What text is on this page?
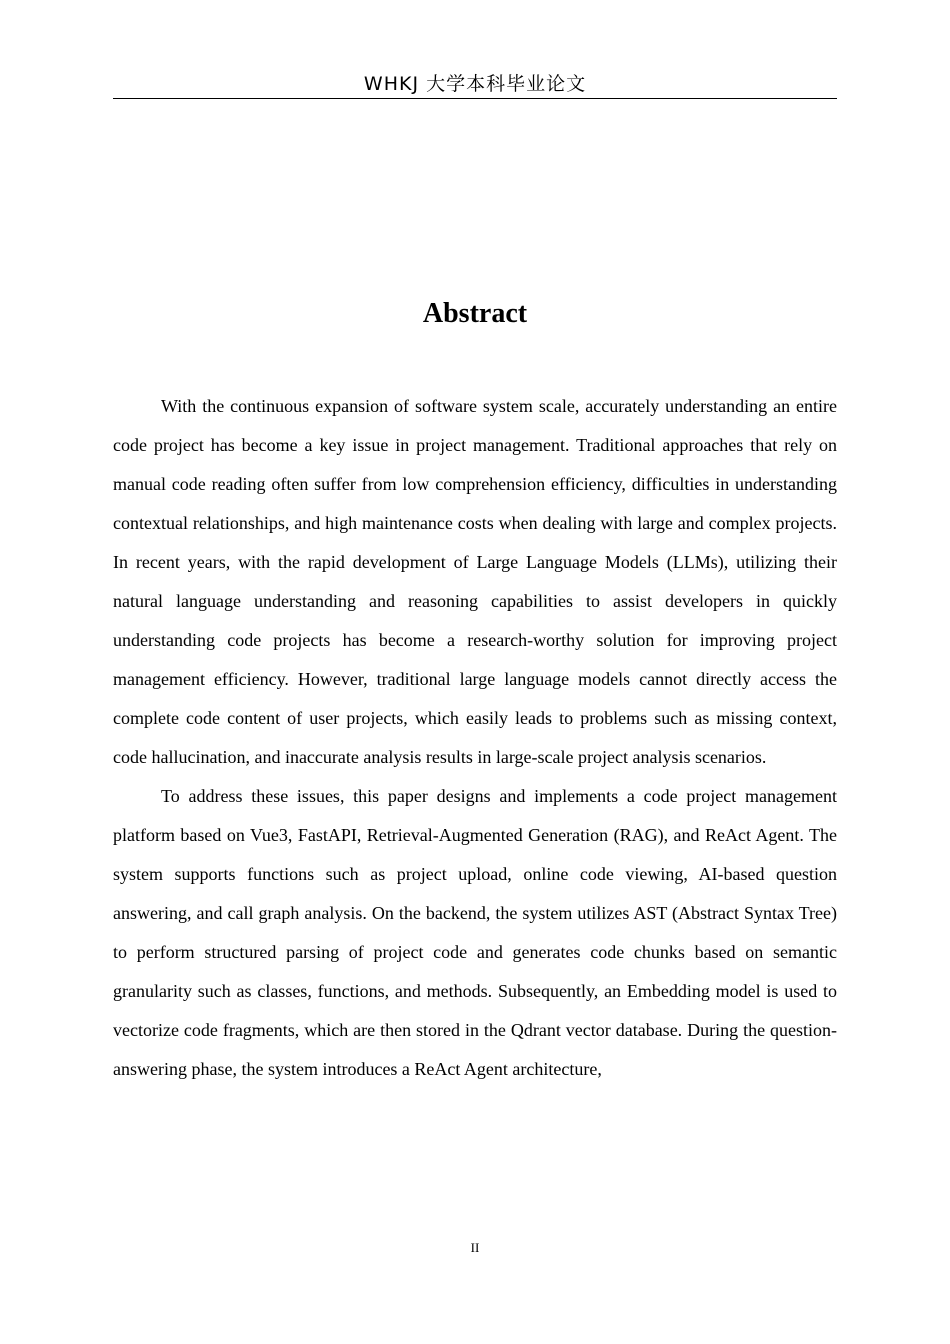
WHKJ 大学本科毕业论文
Abstract

With the continuous expansion of software system scale, accurately understanding an entire code project has become a key issue in project management. Traditional approaches that rely on manual code reading often suffer from low comprehension efficiency, difficulties in understanding contextual relationships, and high maintenance costs when dealing with large and complex projects. In recent years, with the rapid development of Large Language Models (LLMs), utilizing their natural language understanding and reasoning capabilities to assist developers in quickly understanding code projects has become a research-worthy solution for improving project management efficiency. However, traditional large language models cannot directly access the complete code content of user projects, which easily leads to problems such as missing context, code hallucination, and inaccurate analysis results in large-scale project analysis scenarios.

To address these issues, this paper designs and implements a code project management platform based on Vue3, FastAPI, Retrieval-Augmented Generation (RAG), and ReAct Agent. The system supports functions such as project upload, online code viewing, AI-based question answering, and call graph analysis. On the backend, the system utilizes AST (Abstract Syntax Tree) to perform structured parsing of project code and generates code chunks based on semantic granularity such as classes, functions, and methods. Subsequently, an Embedding model is used to vectorize code fragments, which are then stored in the Qdrant vector database. During the question-answering phase, the system introduces a ReAct Agent architecture,

II
